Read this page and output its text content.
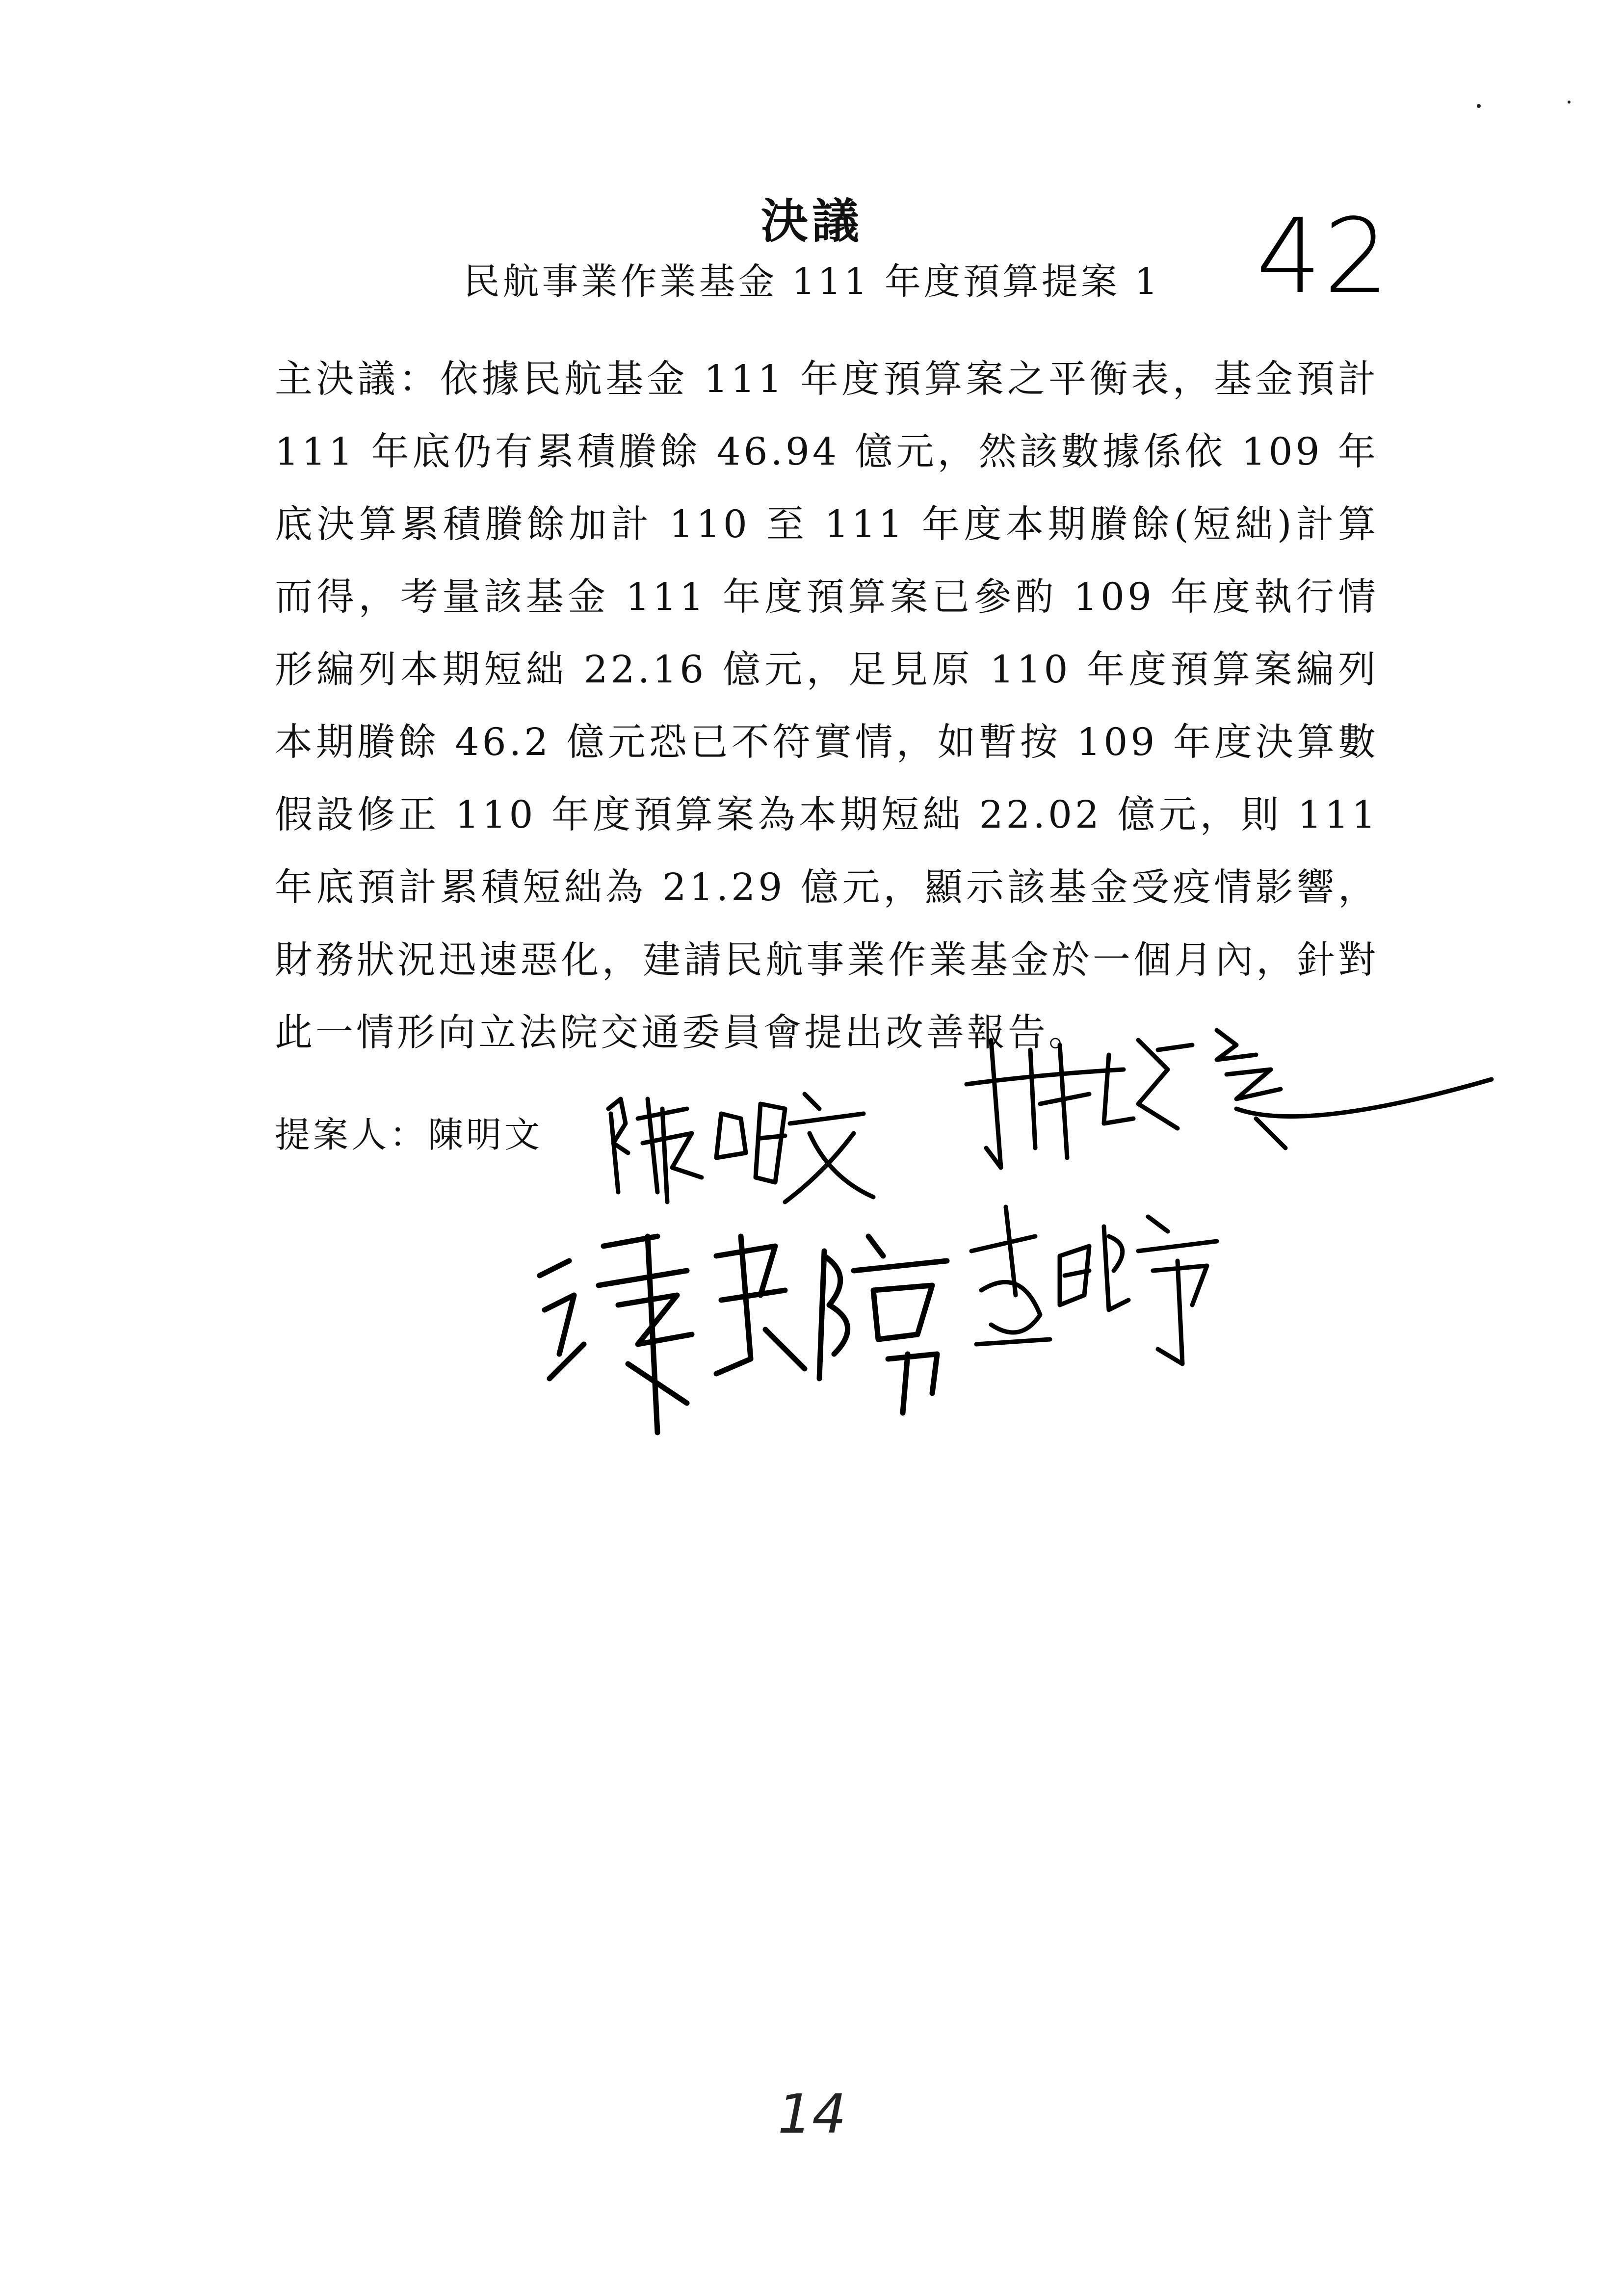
決議
民航事業作業基金 111 年度預算提案 1 42
主決議：依據民航基金 111 年度預算案之平衡表，基金預計 111 年底仍有累積賸餘 46.94 億元，然該數據係依 109 年底決算累積賸餘加計 110 至 111 年度本期賸餘(短絀)計算而得，考量該基金 111 年度預算案已參酌 109 年度執行情形編列本期短絀 22.16 億元，足見原 110 年度預算案編列本期賸餘 46.2 億元恐已不符實情，如暫按 109 年度決算數假設修正 110 年度預算案為本期短絀 22.02 億元，則 111 年底預計累積短絀為 21.29 億元，顯示該基金受疫情影響，財務狀況迅速惡化，建請民航事業作業基金於一個月內，針對此一情形向立法院交通委員會提出改善報告。
提案人：陳明文
14
